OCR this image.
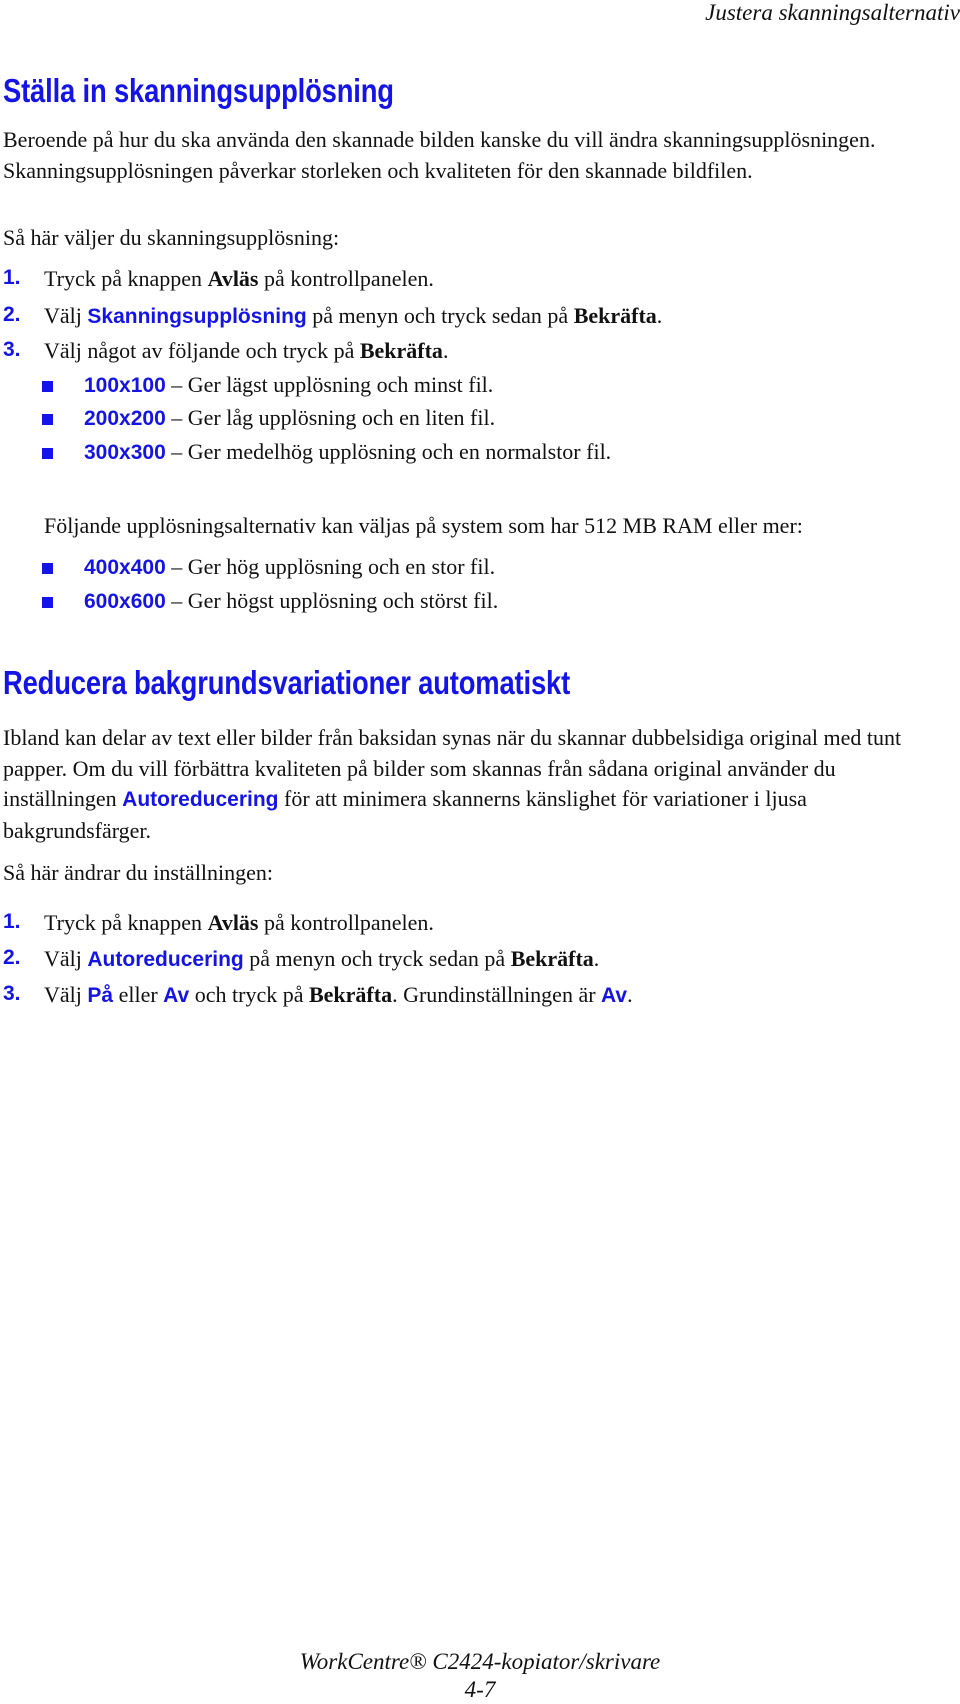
Justera skanningsalternativ
Ställa in skanningsupplösning

Beroende på hur du ska använda den skannade bilden kanske du vill ändra skanningsupplösningen. Skanningsupplösningen påverkar storleken och kvaliteten för den skannade bildfilen.

Så här väljer du skanningsupplösning:

1. Tryck på knappen Avläs på kontrollpanelen.
2. Välj Skanningsupplösning på menyn och tryck sedan på Bekräfta.
3. Välj något av följande och tryck på Bekräfta.
100x100 – Ger lägst upplösning och minst fil.
200x200 – Ger låg upplösning och en liten fil.
300x300 – Ger medelhög upplösning och en normalstor fil.
Följande upplösningsalternativ kan väljas på system som har 512 MB RAM eller mer:
400x400 – Ger hög upplösning och en stor fil.
600x600 – Ger högst upplösning och störst fil.
Reducera bakgrundsvariationer automatiskt

Ibland kan delar av text eller bilder från baksidan synas när du skannar dubbelsidiga original med tunt papper. Om du vill förbättra kvaliteten på bilder som skannas från sådana original använder du inställningen Autoreducering för att minimera skannerns känslighet för variationer i ljusa bakgrundsfärger.

Så här ändrar du inställningen:

1. Tryck på knappen Avläs på kontrollpanelen.
2. Välj Autoreducering på menyn och tryck sedan på Bekräfta.
3. Välj På eller Av och tryck på Bekräfta. Grundinställningen är Av.
WorkCentre® C2424-kopiator/skrivare
4-7
